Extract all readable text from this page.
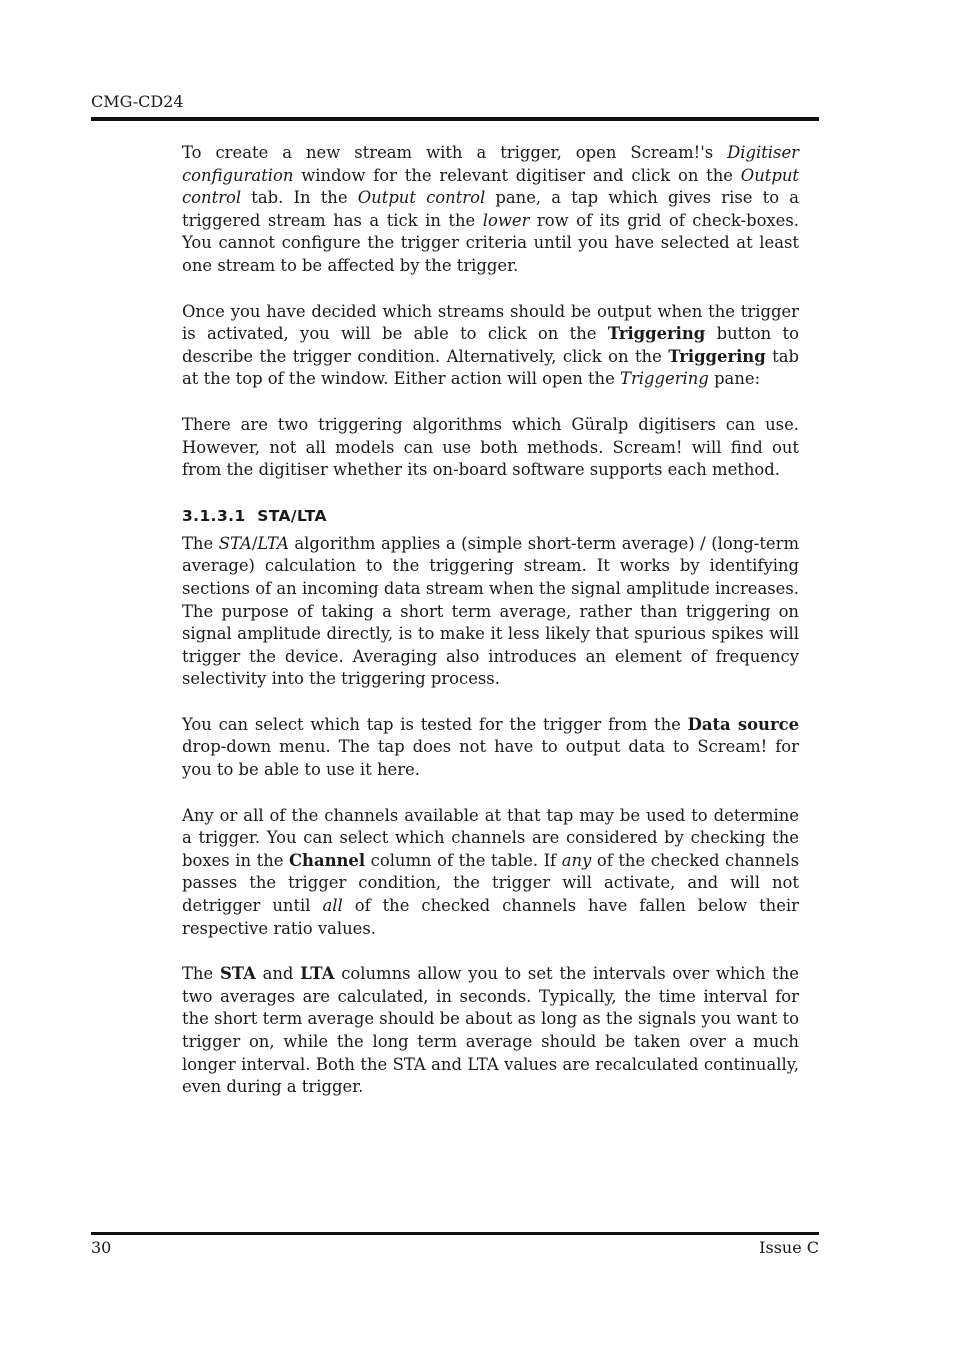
CMG-CD24

To create a new stream with a trigger, open Scream!'s Digitiser configuration window for the relevant digitiser and click on the Output control tab. In the Output control pane, a tap which gives rise to a triggered stream has a tick in the lower row of its grid of check-boxes. You cannot configure the trigger criteria until you have selected at least one stream to be affected by the trigger.

Once you have decided which streams should be output when the trigger is activated, you will be able to click on the Triggering button to describe the trigger condition. Alternatively, click on the Triggering tab at the top of the window. Either action will open the Triggering pane:

There are two triggering algorithms which Güralp digitisers can use. However, not all models can use both methods. Scream! will find out from the digitiser whether its on-board software supports each method.

3.1.3.1 STA/LTA

The STA/LTA algorithm applies a (simple short-term average) / (long-term average) calculation to the triggering stream. It works by identifying sections of an incoming data stream when the signal amplitude increases. The purpose of taking a short term average, rather than triggering on signal amplitude directly, is to make it less likely that spurious spikes will trigger the device. Averaging also introduces an element of frequency selectivity into the triggering process.

You can select which tap is tested for the trigger from the Data source drop-down menu. The tap does not have to output data to Scream! for you to be able to use it here.

Any or all of the channels available at that tap may be used to determine a trigger. You can select which channels are considered by checking the boxes in the Channel column of the table. If any of the checked channels passes the trigger condition, the trigger will activate, and will not detrigger until all of the checked channels have fallen below their respective ratio values.

The STA and LTA columns allow you to set the intervals over which the two averages are calculated, in seconds. Typically, the time interval for the short term average should be about as long as the signals you want to trigger on, while the long term average should be taken over a much longer interval. Both the STA and LTA values are recalculated continually, even during a trigger.

30	Issue C
